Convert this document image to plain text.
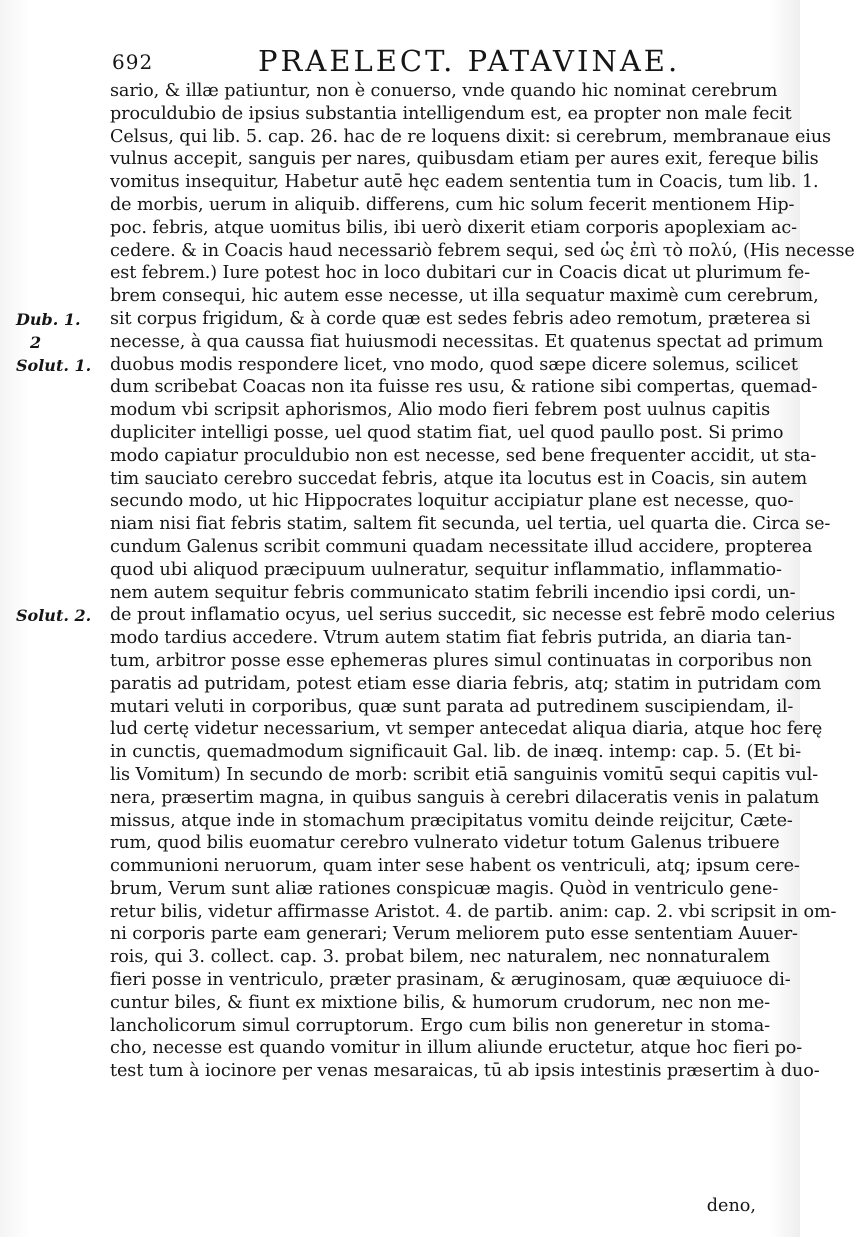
692	PRAELECT. PATAVINAE.
Dub. 1.
2
Solut. 1.
Solut. 2.
sario, & illæ patiuntur, non è conuerso, vnde quando hic nominat cerebrum
proculdubio de ipsius substantia intelligendum est, ea propter non male fecit
Celsus, qui lib. 5. cap. 26. hac de re loquens dixit: si cerebrum, membranaue eius
vulnus accepit, sanguis per nares, quibusdam etiam per aures exit, fereque bilis
vomitus insequitur, Habetur autē hęc eadem sententia tum in Coacis, tum lib. 1.
de morbis, uerum in aliquib. differens, cum hic solum fecerit mentionem Hip-
poc. febris, atque uomitus bilis, ibi uerò dixerit etiam corporis apoplexiam ac-
cedere. & in Coacis haud necessariò febrem sequi, sed ὡς ἐπὶ τὸ πολύ, (His necesse
est febrem.) Iure potest hoc in loco dubitari cur in Coacis dicat ut plurimum fe-
brem consequi, hic autem esse necesse, ut illa sequatur maximè cum cerebrum,
sit corpus frigidum, & à corde quæ est sedes febris adeo remotum, præterea si
necesse, à qua caussa fiat huiusmodi necessitas. Et quatenus spectat ad primum
duobus modis respondere licet, vno modo, quod sæpe dicere solemus, scilicet
dum scribebat Coacas non ita fuisse res usu, & ratione sibi compertas, quemad-
modum vbi scripsit aphorismos, Alio modo fieri febrem post uulnus capitis
dupliciter intelligi posse, uel quod statim fiat, uel quod paullo post. Si primo
modo capiatur proculdubio non est necesse, sed bene frequenter accidit, ut sta-
tim sauciato cerebro succedat febris, atque ita locutus est in Coacis, sin autem
secundo modo, ut hic Hippocrates loquitur accipiatur plane est necesse, quo-
niam nisi fiat febris statim, saltem fit secunda, uel tertia, uel quarta die. Circa se-
cundum Galenus scribit communi quadam necessitate illud accidere, propterea
quod ubi aliquod præcipuum uulneratur, sequitur inflammatio, inflammatio-
nem autem sequitur febris communicato statim febrili incendio ipsi cordi, un-
de prout inflamatio ocyus, uel serius succedit, sic necesse est febrē modo celerius
modo tardius accedere. Vtrum autem statim fiat febris putrida, an diaria tan-
tum, arbitror posse esse ephemeras plures simul continuatas in corporibus non
paratis ad putridam, potest etiam esse diaria febris, atq; statim in putridam com
mutari veluti in corporibus, quæ sunt parata ad putredinem suscipiendam, il-
lud certę videtur necessarium, vt semper antecedat aliqua diaria, atque hoc ferę
in cunctis, quemadmodum significauit Gal. lib. de inæq. intemp: cap. 5. (Et bi-
lis Vomitum) In secundo de morb: scribit etiā sanguinis vomitū sequi capitis vul-
nera, præsertim magna, in quibus sanguis à cerebri dilaceratis venis in palatum
missus, atque inde in stomachum præcipitatus vomitu deinde reijcitur, Cæte-
rum, quod bilis euomatur cerebro vulnerato videtur totum Galenus tribuere
communioni neruorum, quam inter sese habent os ventriculi, atq; ipsum cere-
brum, Verum sunt aliæ rationes conspicuæ magis. Quòd in ventriculo gene-
retur bilis, videtur affirmasse Aristot. 4. de partib. anim: cap. 2. vbi scripsit in om-
ni corporis parte eam generari; Verum meliorem puto esse sententiam Auuer-
rois, qui 3. collect. cap. 3. probat bilem, nec naturalem, nec nonnaturalem
fieri posse in ventriculo, præter prasinam, & æruginosam, quæ æquiuoce di-
cuntur biles, & fiunt ex mixtione bilis, & humorum crudorum, nec non me-
lancholicorum simul corruptorum. Ergo cum bilis non generetur in stoma-
cho, necesse est quando vomitur in illum aliunde eructetur, atque hoc fieri po-
test tum à iocinore per venas mesaraicas, tū ab ipsis intestinis præsertim à duo-
deno,
